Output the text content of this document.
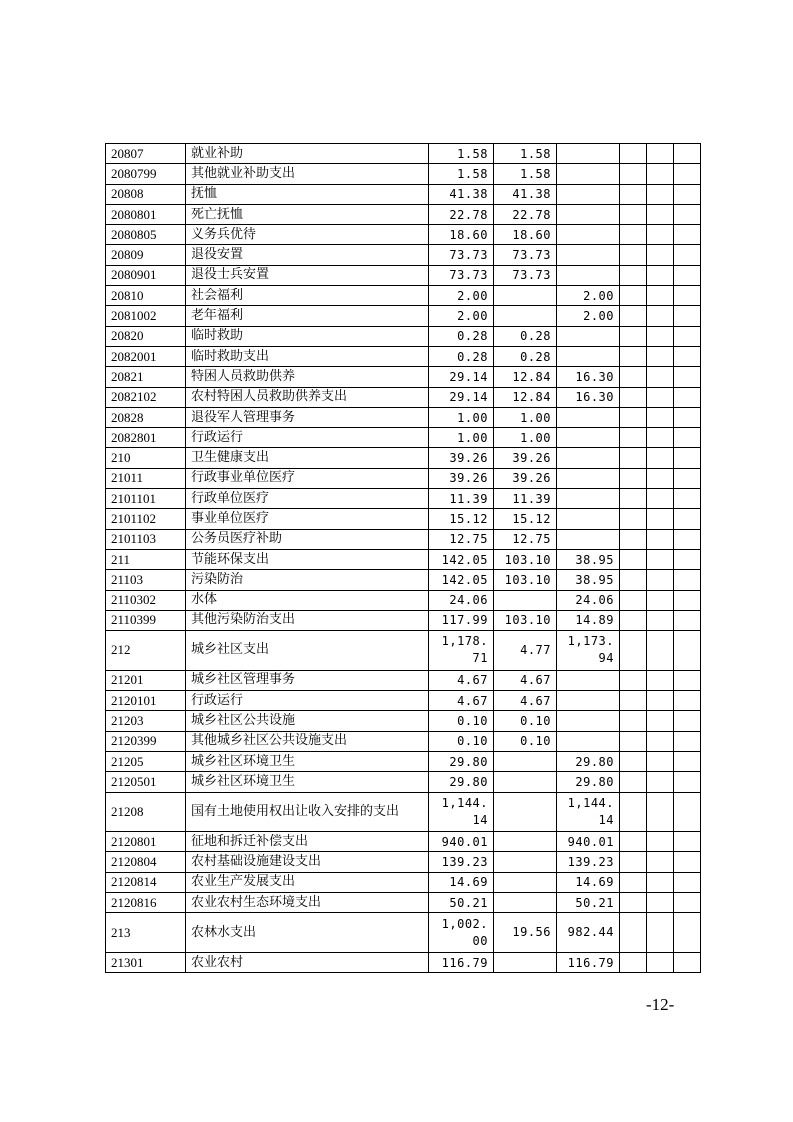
20807	就业补助	1.58	1.58				
2080799	其他就业补助支出	1.58	1.58				
20808	抚恤	41.38	41.38				
2080801	死亡抚恤	22.78	22.78				
2080805	义务兵优待	18.60	18.60				
20809	退役安置	73.73	73.73				
2080901	退役士兵安置	73.73	73.73				
20810	社会福利	2.00		2.00			
2081002	老年福利	2.00		2.00			
20820	临时救助	0.28	0.28				
2082001	临时救助支出	0.28	0.28				
20821	特困人员救助供养	29.14	12.84	16.30			
2082102	农村特困人员救助供养支出	29.14	12.84	16.30			
20828	退役军人管理事务	1.00	1.00				
2082801	行政运行	1.00	1.00				
210	卫生健康支出	39.26	39.26				
21011	行政事业单位医疗	39.26	39.26				
2101101	行政单位医疗	11.39	11.39				
2101102	事业单位医疗	15.12	15.12				
2101103	公务员医疗补助	12.75	12.75				
211	节能环保支出	142.05	103.10	38.95			
21103	污染防治	142.05	103.10	38.95			
2110302	水体	24.06		24.06			
2110399	其他污染防治支出	117.99	103.10	14.89			
212	城乡社区支出	1,178.71	4.77	1,173.94			
21201	城乡社区管理事务	4.67	4.67				
2120101	行政运行	4.67	4.67				
21203	城乡社区公共设施	0.10	0.10				
2120399	其他城乡社区公共设施支出	0.10	0.10				
21205	城乡社区环境卫生	29.80		29.80			
2120501	城乡社区环境卫生	29.80		29.80			
21208	国有土地使用权出让收入安排的支出	1,144.14		1,144.14			
2120801	征地和拆迁补偿支出	940.01		940.01			
2120804	农村基础设施建设支出	139.23		139.23			
2120814	农业生产发展支出	14.69		14.69			
2120816	农业农村生态环境支出	50.21		50.21			
213	农林水支出	1,002.00	19.56	982.44			
21301	农业农村	116.79		116.79			
-12-
